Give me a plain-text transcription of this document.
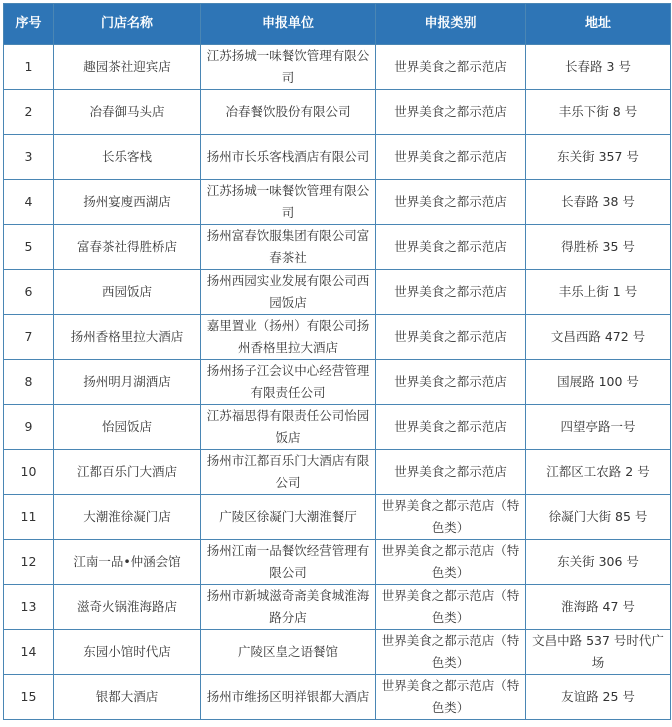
序号	门店名称	申报单位	申报类别	地址
1	趣园茶社迎宾店	江苏扬城一味餐饮管理有限公司	世界美食之都示范店	长春路 3 号
2	冶春御马头店	冶春餐饮股份有限公司	世界美食之都示范店	丰乐下街 8 号
3	长乐客栈	扬州市长乐客栈酒店有限公司	世界美食之都示范店	东关街 357 号
4	扬州宴廋西湖店	江苏扬城一味餐饮管理有限公司	世界美食之都示范店	长春路 38 号
5	富春茶社得胜桥店	扬州富春饮服集团有限公司富春茶社	世界美食之都示范店	得胜桥 35 号
6	西园饭店	扬州西园实业发展有限公司西园饭店	世界美食之都示范店	丰乐上街 1 号
7	扬州香格里拉大酒店	嘉里置业（扬州）有限公司扬州香格里拉大酒店	世界美食之都示范店	文昌西路 472 号
8	扬州明月湖酒店	扬州扬子江会议中心经营管理有限责任公司	世界美食之都示范店	国展路 100 号
9	怡园饭店	江苏福思得有限责任公司怡园饭店	世界美食之都示范店	四望亭路一号
10	江都百乐门大酒店	扬州市江都百乐门大酒店有限公司	世界美食之都示范店	江都区工农路 2 号
11	大潮淮徐凝门店	广陵区徐凝门大潮淮餐厅	世界美食之都示范店（特色类）	徐凝门大街 85 号
12	江南一品•仲涵会馆	扬州江南一品餐饮经营管理有限公司	世界美食之都示范店（特色类）	东关街 306 号
13	滋奇火锅淮海路店	扬州市新城滋奇斋美食城淮海路分店	世界美食之都示范店（特色类）	淮海路 47 号
14	东园小馆时代店	广陵区皇之语餐馆	世界美食之都示范店（特色类）	文昌中路 537 号时代广场
15	银都大酒店	扬州市维扬区明祥银都大酒店	世界美食之都示范店（特色类）	友谊路 25 号
